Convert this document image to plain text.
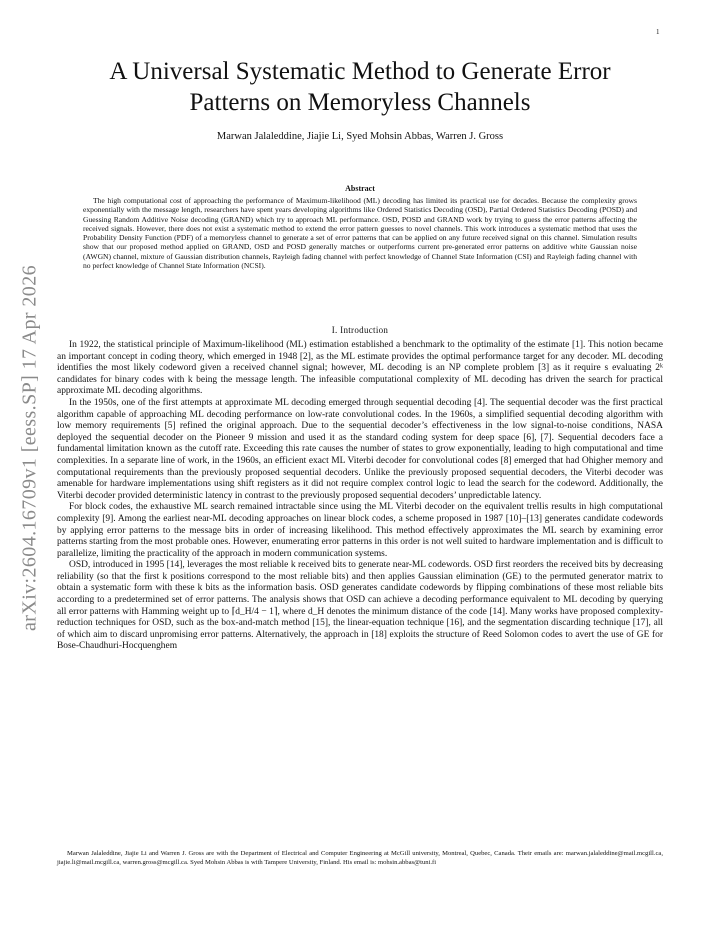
1
arXiv:2604.16709v1 [eess.SP] 17 Apr 2026
A Universal Systematic Method to Generate Error
Patterns on Memoryless Channels
Marwan Jalaleddine, Jiajie Li, Syed Mohsin Abbas, Warren J. Gross
Abstract
The high computational cost of approaching the performance of Maximum-likelihood (ML) decoding has limited its practical use for decades. Because the complexity grows exponentially with the message length, researchers have spent years developing algorithms like Ordered Statistics Decoding (OSD), Partial Ordered Statistics Decoding (POSD) and Guessing Random Additive Noise decoding (GRAND) which try to approach ML performance. OSD, POSD and GRAND work by trying to guess the error patterns affecting the received signals. However, there does not exist a systematic method to extend the error pattern guesses to novel channels. This work introduces a systematic method that uses the Probability Density Function (PDF) of a memoryless channel to generate a set of error patterns that can be applied on any future received signal on this channel. Simulation results show that our proposed method applied on GRAND, OSD and POSD generally matches or outperforms current pre-generated error patterns on additive white Gaussian noise (AWGN) channel, mixture of Gaussian distribution channels, Rayleigh fading channel with perfect knowledge of Channel State Information (CSI) and Rayleigh fading channel with no perfect knowledge of Channel State Information (NCSI).
I. Introduction

In 1922, the statistical principle of Maximum-likelihood (ML) estimation established a benchmark to the optimality of the estimate [1]. This notion became an important concept in coding theory, which emerged in 1948 [2], as the ML estimate provides the optimal performance target for any decoder. ML decoding identifies the most likely codeword given a received channel signal; however, ML decoding is an NP complete problem [3] as it require s evaluating 2ᵏ candidates for binary codes with k being the message length. The infeasible computational complexity of ML decoding has driven the search for practical approximate ML decoding algorithms.

In the 1950s, one of the first attempts at approximate ML decoding emerged through sequential decoding [4]. The sequential decoder was the first practical algorithm capable of approaching ML decoding performance on low-rate convolutional codes. In the 1960s, a simplified sequential decoding algorithm with low memory requirements [5] refined the original approach. Due to the sequential decoder’s effectiveness in the low signal-to-noise conditions, NASA deployed the sequential decoder on the Pioneer 9 mission and used it as the standard coding system for deep space [6], [7]. Sequential decoders face a fundamental limitation known as the cutoff rate. Exceeding this rate causes the number of states to grow exponentially, leading to high computational and time complexities. In a separate line of work, in the 1960s, an efficient exact ML Viterbi decoder for convolutional codes [8] emerged that had Ohigher memory and computational requirements than the previously proposed sequential decoders. Unlike the previously proposed sequential decoders, the Viterbi decoder was amenable for hardware implementations using shift registers as it did not require complex control logic to lead the search for the codeword. Additionally, the Viterbi decoder provided deterministic latency in contrast to the previously proposed sequential decoders’ unpredictable latency.

For block codes, the exhaustive ML search remained intractable since using the ML Viterbi decoder on the equivalent trellis results in high computational complexity [9]. Among the earliest near-ML decoding approaches on linear block codes, a scheme proposed in 1987 [10]–[13] generates candidate codewords by applying error patterns to the message bits in order of increasing likelihood. This method effectively approximates the ML search by examining error patterns starting from the most probable ones. However, enumerating error patterns in this order is not well suited to hardware implementation and is difficult to parallelize, limiting the practicality of the approach in modern communication systems.

OSD, introduced in 1995 [14], leverages the most reliable k received bits to generate near-ML codewords. OSD first reorders the received bits by decreasing reliability (so that the first k positions correspond to the most reliable bits) and then applies Gaussian elimination (GE) to the permuted generator matrix to obtain a systematic form with these k bits as the information basis. OSD generates candidate codewords by flipping combinations of these most reliable bits according to a predetermined set of error patterns. The analysis shows that OSD can achieve a decoding performance equivalent to ML decoding by querying all error patterns with Hamming weight up to ⌈d_H/4 − 1⌉, where d_H denotes the minimum distance of the code [14]. Many works have proposed complexity-reduction techniques for OSD, such as the box-and-match method [15], the linear-equation technique [16], and the segmentation discarding technique [17], all of which aim to discard unpromising error patterns. Alternatively, the approach in [18] exploits the structure of Reed Solomon codes to avert the use of GE for Bose-Chaudhuri-Hocquenghem

Marwan Jalaleddine, Jiajie Li and Warren J. Gross are with the Department of Electrical and Computer Engineering at McGill university, Montreal, Quebec, Canada. Their emails are: marwan.jalaleddine@mail.mcgill.ca, jiajie.li@mail.mcgill.ca, warren.gross@mcgill.ca. Syed Mohsin Abbas is with Tampere University, Finland. His email is: mohsin.abbas@tuni.fi
